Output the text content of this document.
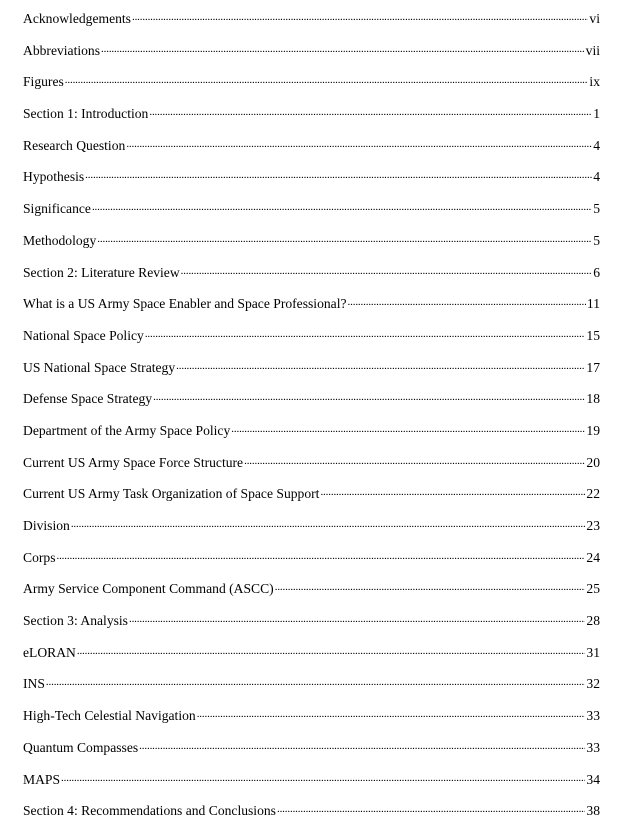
Acknowledgements . . .	vi
Abbreviations . . .	vii
Figures . . .	ix
Section 1: Introduction . . .	1
Research Question . . .	4
Hypothesis . . .	4
Significance . . .	5
Methodology . . .	5
Section 2: Literature Review . . .	6
What is a US Army Space Enabler and Space Professional? . . .	11
National Space Policy . . .	15
US National Space Strategy . . .	17
Defense Space Strategy . . .	18
Department of the Army Space Policy . . .	19
Current US Army Space Force Structure . . .	20
Current US Army Task Organization of Space Support . . .	22
Division . . .	23
Corps . . .	24
Army Service Component Command (ASCC) . . .	25
Section 3: Analysis . . .	28
eLORAN . . .	31
INS . . .	32
High-Tech Celestial Navigation . . .	33
Quantum Compasses . . .	33
MAPS . . .	34
Section 4: Recommendations and Conclusions . . .	38
